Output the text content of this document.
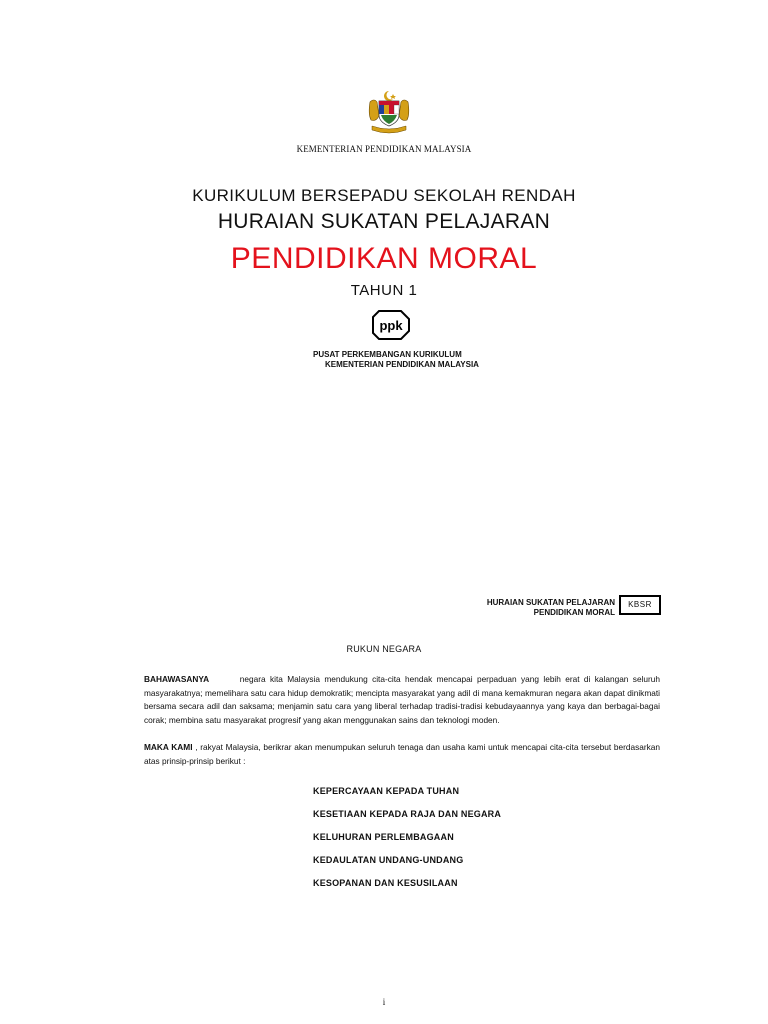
KEMENTERIAN PENDIDIKAN MALAYSIA
KURIKULUM BERSEPADU SEKOLAH RENDAH
HURAIAN SUKATAN PELAJARAN
PENDIDIKAN MORAL
TAHUN 1
ppk
PUSAT PERKEMBANGAN KURIKULUM
KEMENTERIAN PENDIDIKAN MALAYSIA
HURAIAN SUKATAN PELAJARAN
PENDIDIKAN MORAL
KBSR
RUKUN NEGARA

BAHAWASANYA	negara kita Malaysia mendukung cita-cita hendak mencapai perpaduan yang lebih erat di kalangan seluruh masyarakatnya; memelihara satu cara hidup demokratik; mencipta masyarakat yang adil di mana kemakmuran negara akan dapat dinikmati bersama secara adil dan saksama; menjamin satu cara yang liberal terhadap tradisi-tradisi kebudayaannya yang kaya dan berbagai-bagai corak; membina satu masyarakat progresif yang akan menggunakan sains dan teknologi moden.

MAKA KAMI , rakyat Malaysia, berikrar akan menumpukan seluruh tenaga dan usaha kami untuk mencapai cita-cita tersebut berdasarkan atas prinsip-prinsip berikut :

KEPERCAYAAN KEPADA TUHAN
KESETIAAN KEPADA RAJA DAN NEGARA
KELUHURAN PERLEMBAGAAN
KEDAULATAN UNDANG-UNDANG
KESOPANAN DAN KESUSILAAN
i
